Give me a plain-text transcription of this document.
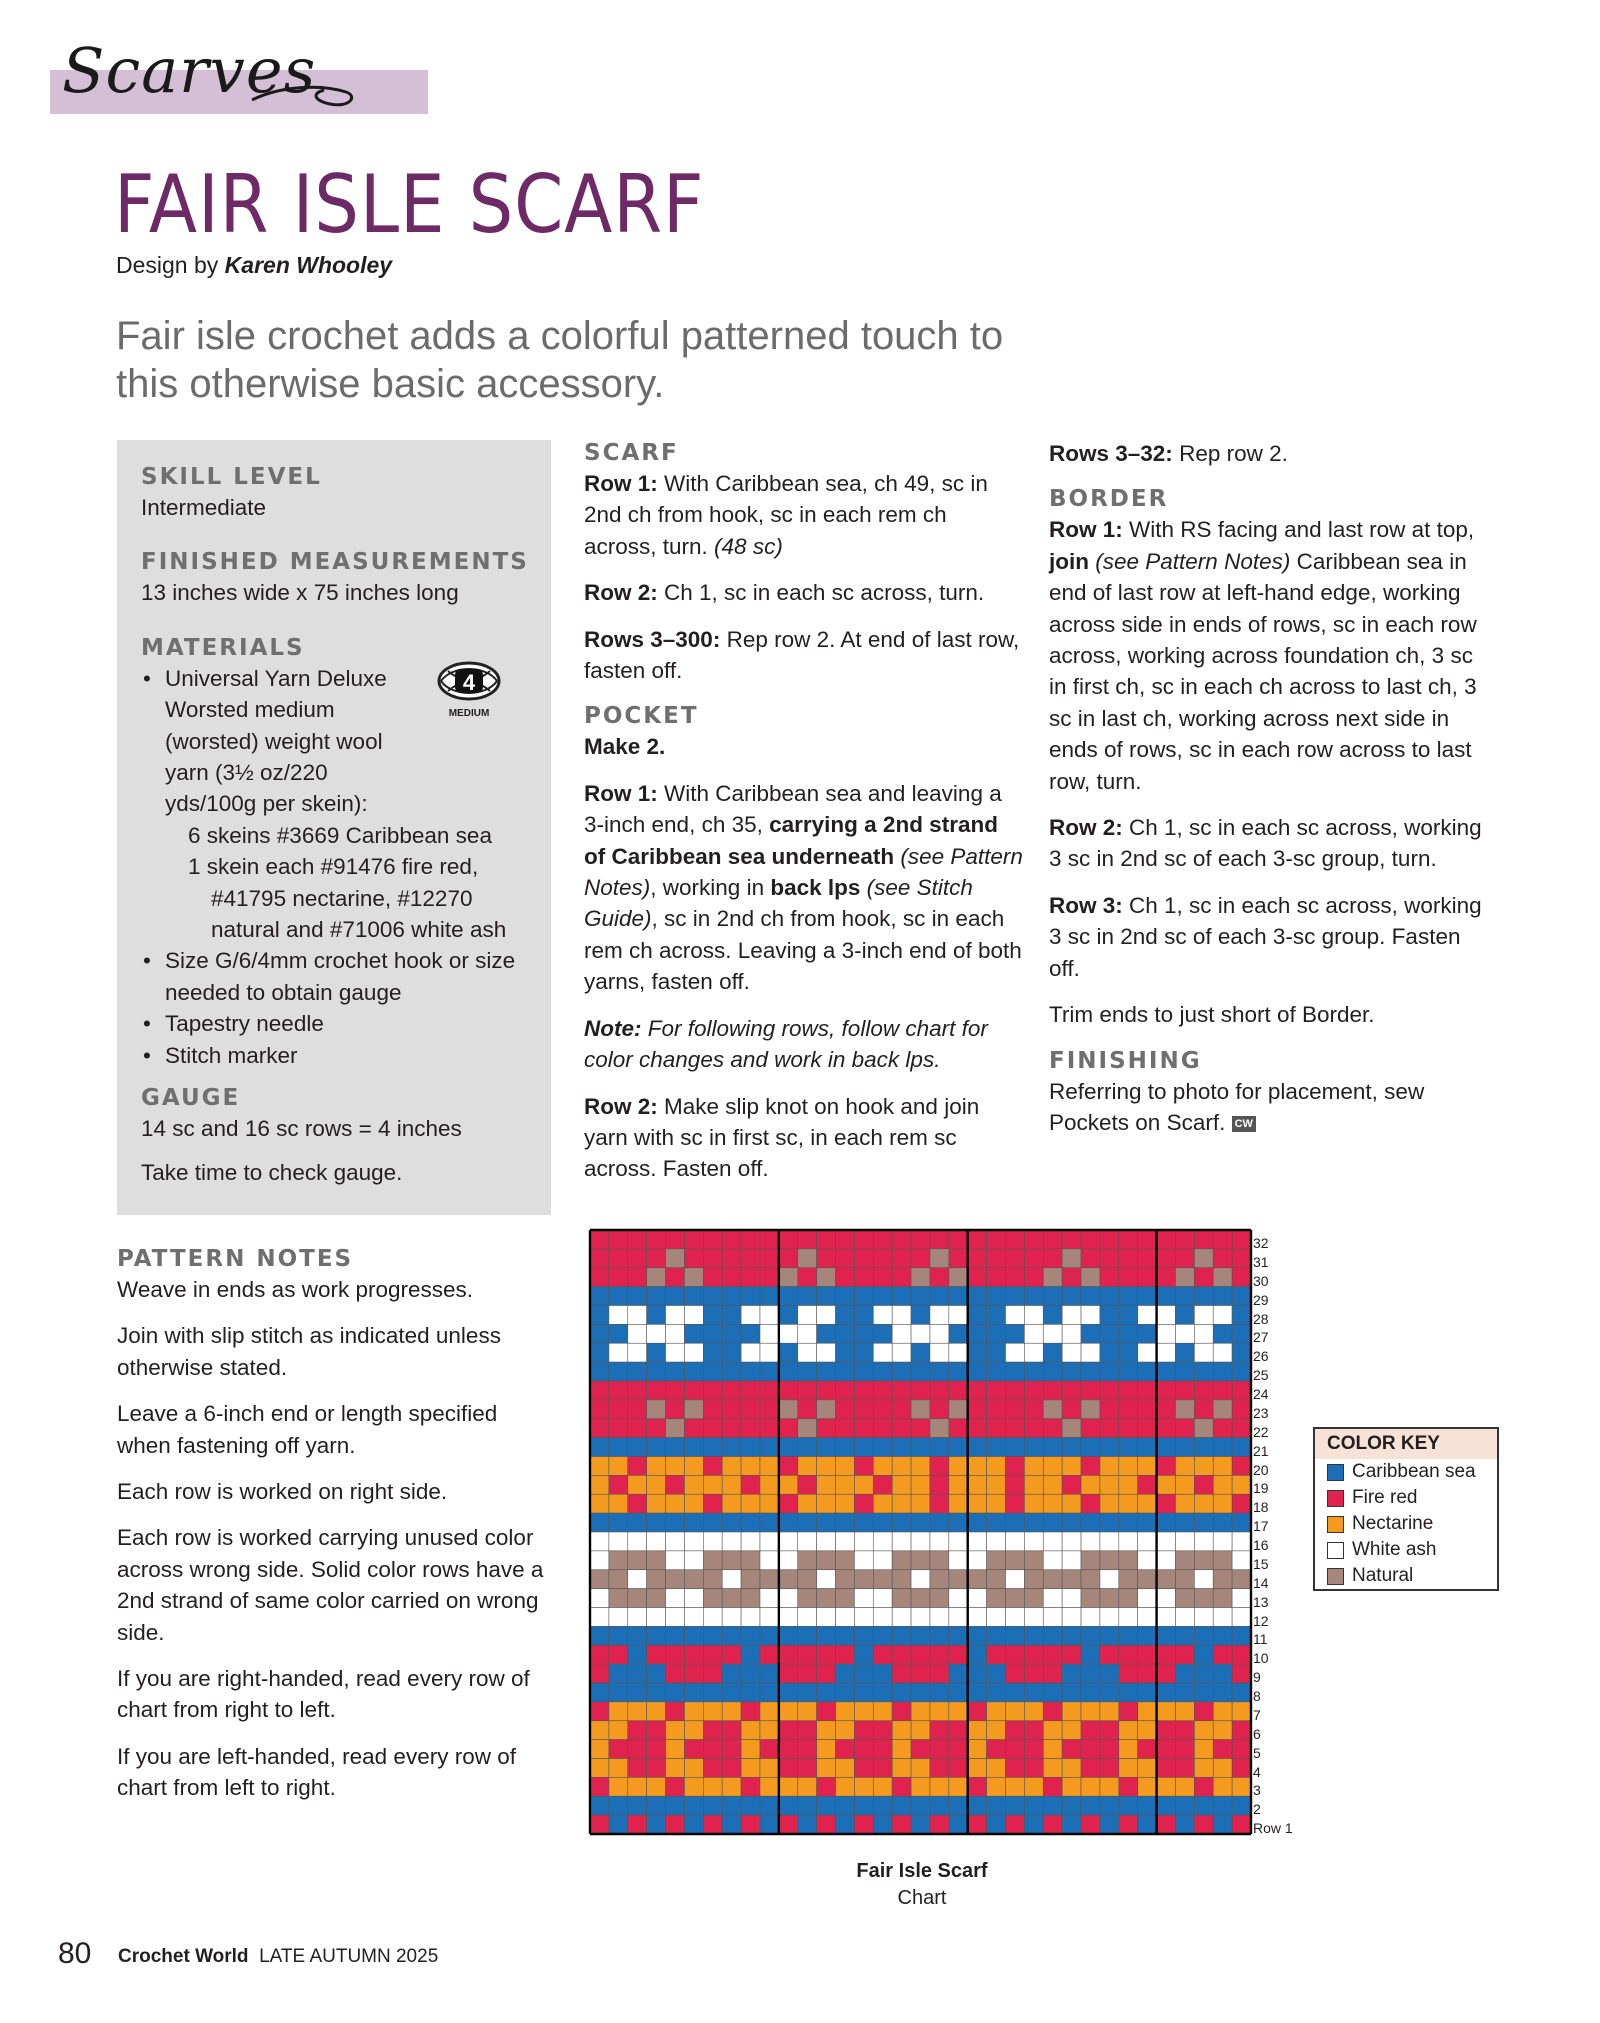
Scarves
FAIR ISLE SCARF
Design by Karen Whooley
Fair isle crochet adds a colorful patterned touch to this otherwise basic accessory.
SKILL LEVEL
Intermediate
FINISHED MEASUREMENTS
13 inches wide x 75 inches long
MATERIALS
• Universal Yarn Deluxe Worsted medium (worsted) weight wool yarn (3½ oz/220 yds/100g per skein):
6 skeins #3669 Caribbean sea
1 skein each #91476 fire red,
#41795 nectarine, #12270 natural and #71006 white ash
• Size G/6/4mm crochet hook or size needed to obtain gauge
• Tapestry needle
• Stitch marker
GAUGE
14 sc and 16 sc rows = 4 inches
Take time to check gauge.
4
MEDIUM
PATTERN NOTES

Weave in ends as work progresses.

Join with slip stitch as indicated unless otherwise stated.

Leave a 6-inch end or length specified when fastening off yarn.

Each row is worked on right side.

Each row is worked carrying unused color across wrong side. Solid color rows have a 2nd strand of same color carried on wrong side.

If you are right-handed, read every row of chart from right to left.

If you are left-handed, read every row of chart from left to right.

SCARF

Row 1: With Caribbean sea, ch 49, sc in 2nd ch from hook, sc in each rem ch across, turn. (48 sc)

Row 2: Ch 1, sc in each sc across, turn.

Rows 3–300: Rep row 2. At end of last row, fasten off.

POCKET

Make 2.

Row 1: With Caribbean sea and leaving a 3-inch end, ch 35, carrying a 2nd strand of Caribbean sea underneath (see Pattern Notes), working in back lps (see Stitch Guide), sc in 2nd ch from hook, sc in each rem ch across. Leaving a 3-inch end of both yarns, fasten off.

Note: For following rows, follow chart for color changes and work in back lps.

Row 2: Make slip knot on hook and join yarn with sc in first sc, in each rem sc across. Fasten off.

Rows 3–32: Rep row 2.

BORDER

Row 1: With RS facing and last row at top, join (see Pattern Notes) Caribbean sea in end of last row at left-hand edge, working across side in ends of rows, sc in each row across, working across foundation ch, 3 sc in first ch, sc in each ch across to last ch, 3 sc in last ch, working across next side in ends of rows, sc in each row across to last row, turn.

Row 2: Ch 1, sc in each sc across, working 3 sc in 2nd sc of each 3-sc group, turn.

Row 3: Ch 1, sc in each sc across, working 3 sc in 2nd sc of each 3-sc group. Fasten off.

Trim ends to just short of Border.

FINISHING

Referring to photo for placement, sew Pockets on Scarf. CW

32
31
30
29
28
27
26
25
24
23
22
21
20
19
18
17
16
15
14
13
12
11
10
9
8
7
6
5
4
3
2
Row 1
COLOR KEY
Caribbean sea
Fire red
Nectarine
White ash
Natural
Fair Isle Scarf
Chart
80 Crochet World  LATE AUTUMN 2025
